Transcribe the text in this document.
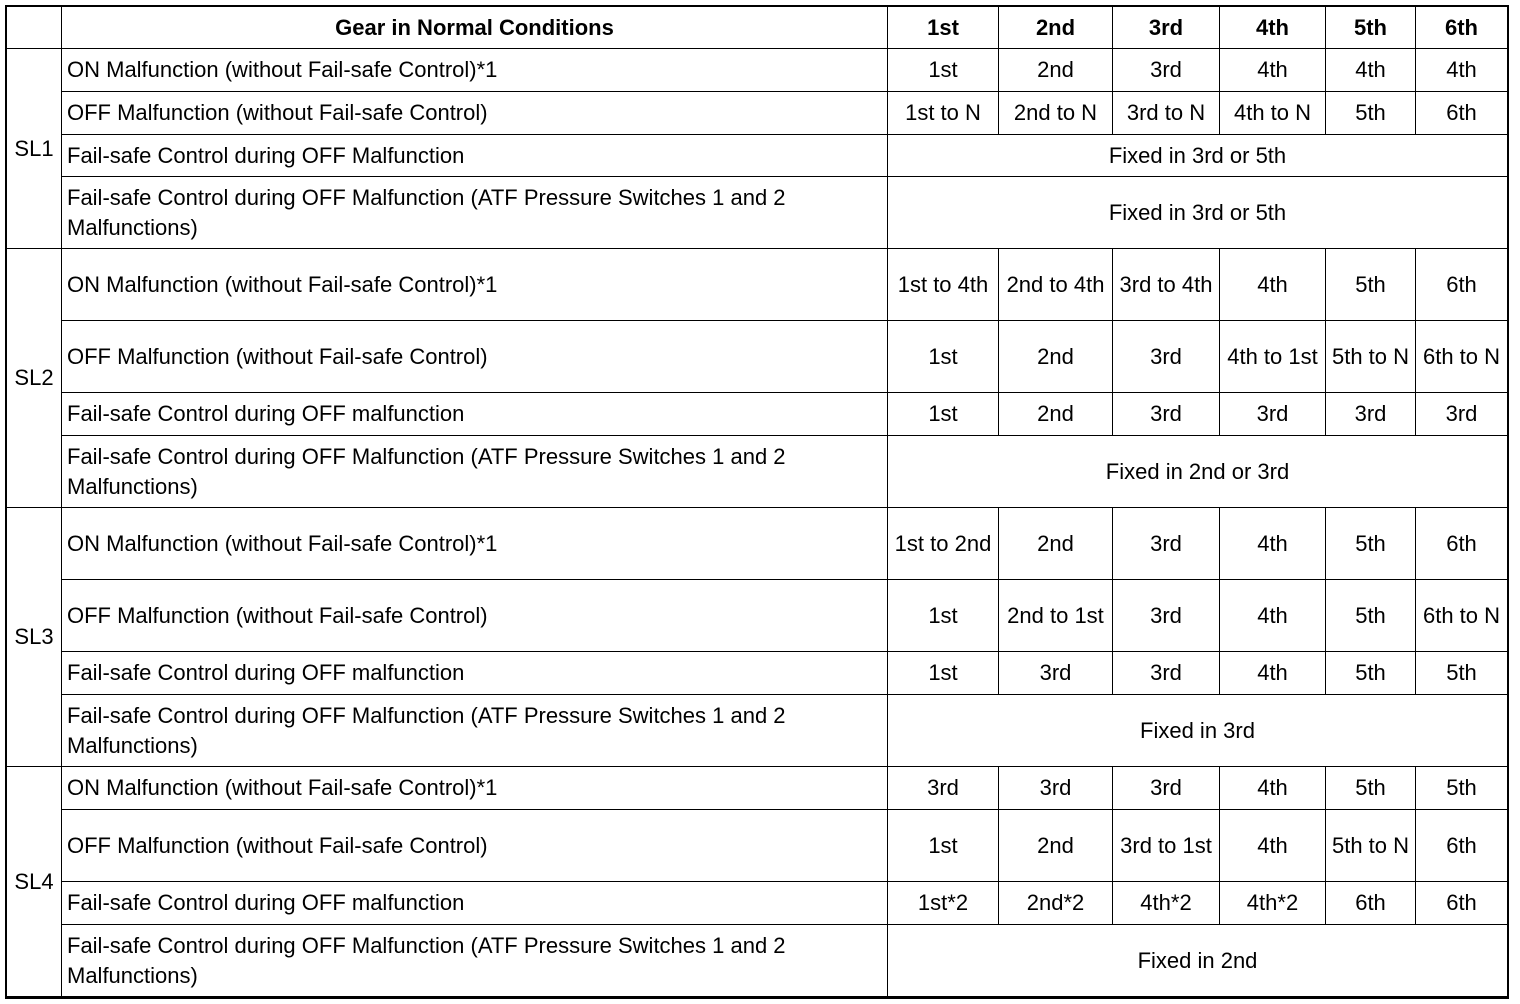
	Gear in Normal Conditions	1st	2nd	3rd	4th	5th	6th
SL1	ON Malfunction (without Fail-safe Control)*1	1st	2nd	3rd	4th	4th	4th
	OFF Malfunction (without Fail-safe Control)	1st to N	2nd to N	3rd to N	4th to N	5th	6th
	Fail-safe Control during OFF Malfunction	Fixed in 3rd or 5th					
	Fail-safe Control during OFF Malfunction (ATF Pressure Switches 1 and 2 Malfunctions)	Fixed in 3rd or 5th					
SL2	ON Malfunction (without Fail-safe Control)*1	1st to 4th	2nd to 4th	3rd to 4th	4th	5th	6th
	OFF Malfunction (without Fail-safe Control)	1st	2nd	3rd	4th to 1st	5th to N	6th to N
	Fail-safe Control during OFF malfunction	1st	2nd	3rd	3rd	3rd	3rd
	Fail-safe Control during OFF Malfunction (ATF Pressure Switches 1 and 2 Malfunctions)	Fixed in 2nd or 3rd					
SL3	ON Malfunction (without Fail-safe Control)*1	1st to 2nd	2nd	3rd	4th	5th	6th
	OFF Malfunction (without Fail-safe Control)	1st	2nd to 1st	3rd	4th	5th	6th to N
	Fail-safe Control during OFF malfunction	1st	3rd	3rd	4th	5th	5th
	Fail-safe Control during OFF Malfunction (ATF Pressure Switches 1 and 2 Malfunctions)	Fixed in 3rd					
SL4	ON Malfunction (without Fail-safe Control)*1	3rd	3rd	3rd	4th	5th	5th
	OFF Malfunction (without Fail-safe Control)	1st	2nd	3rd to 1st	4th	5th to N	6th
	Fail-safe Control during OFF malfunction	1st*2	2nd*2	4th*2	4th*2	6th	6th
	Fail-safe Control during OFF Malfunction (ATF Pressure Switches 1 and 2 Malfunctions)	Fixed in 2nd					
